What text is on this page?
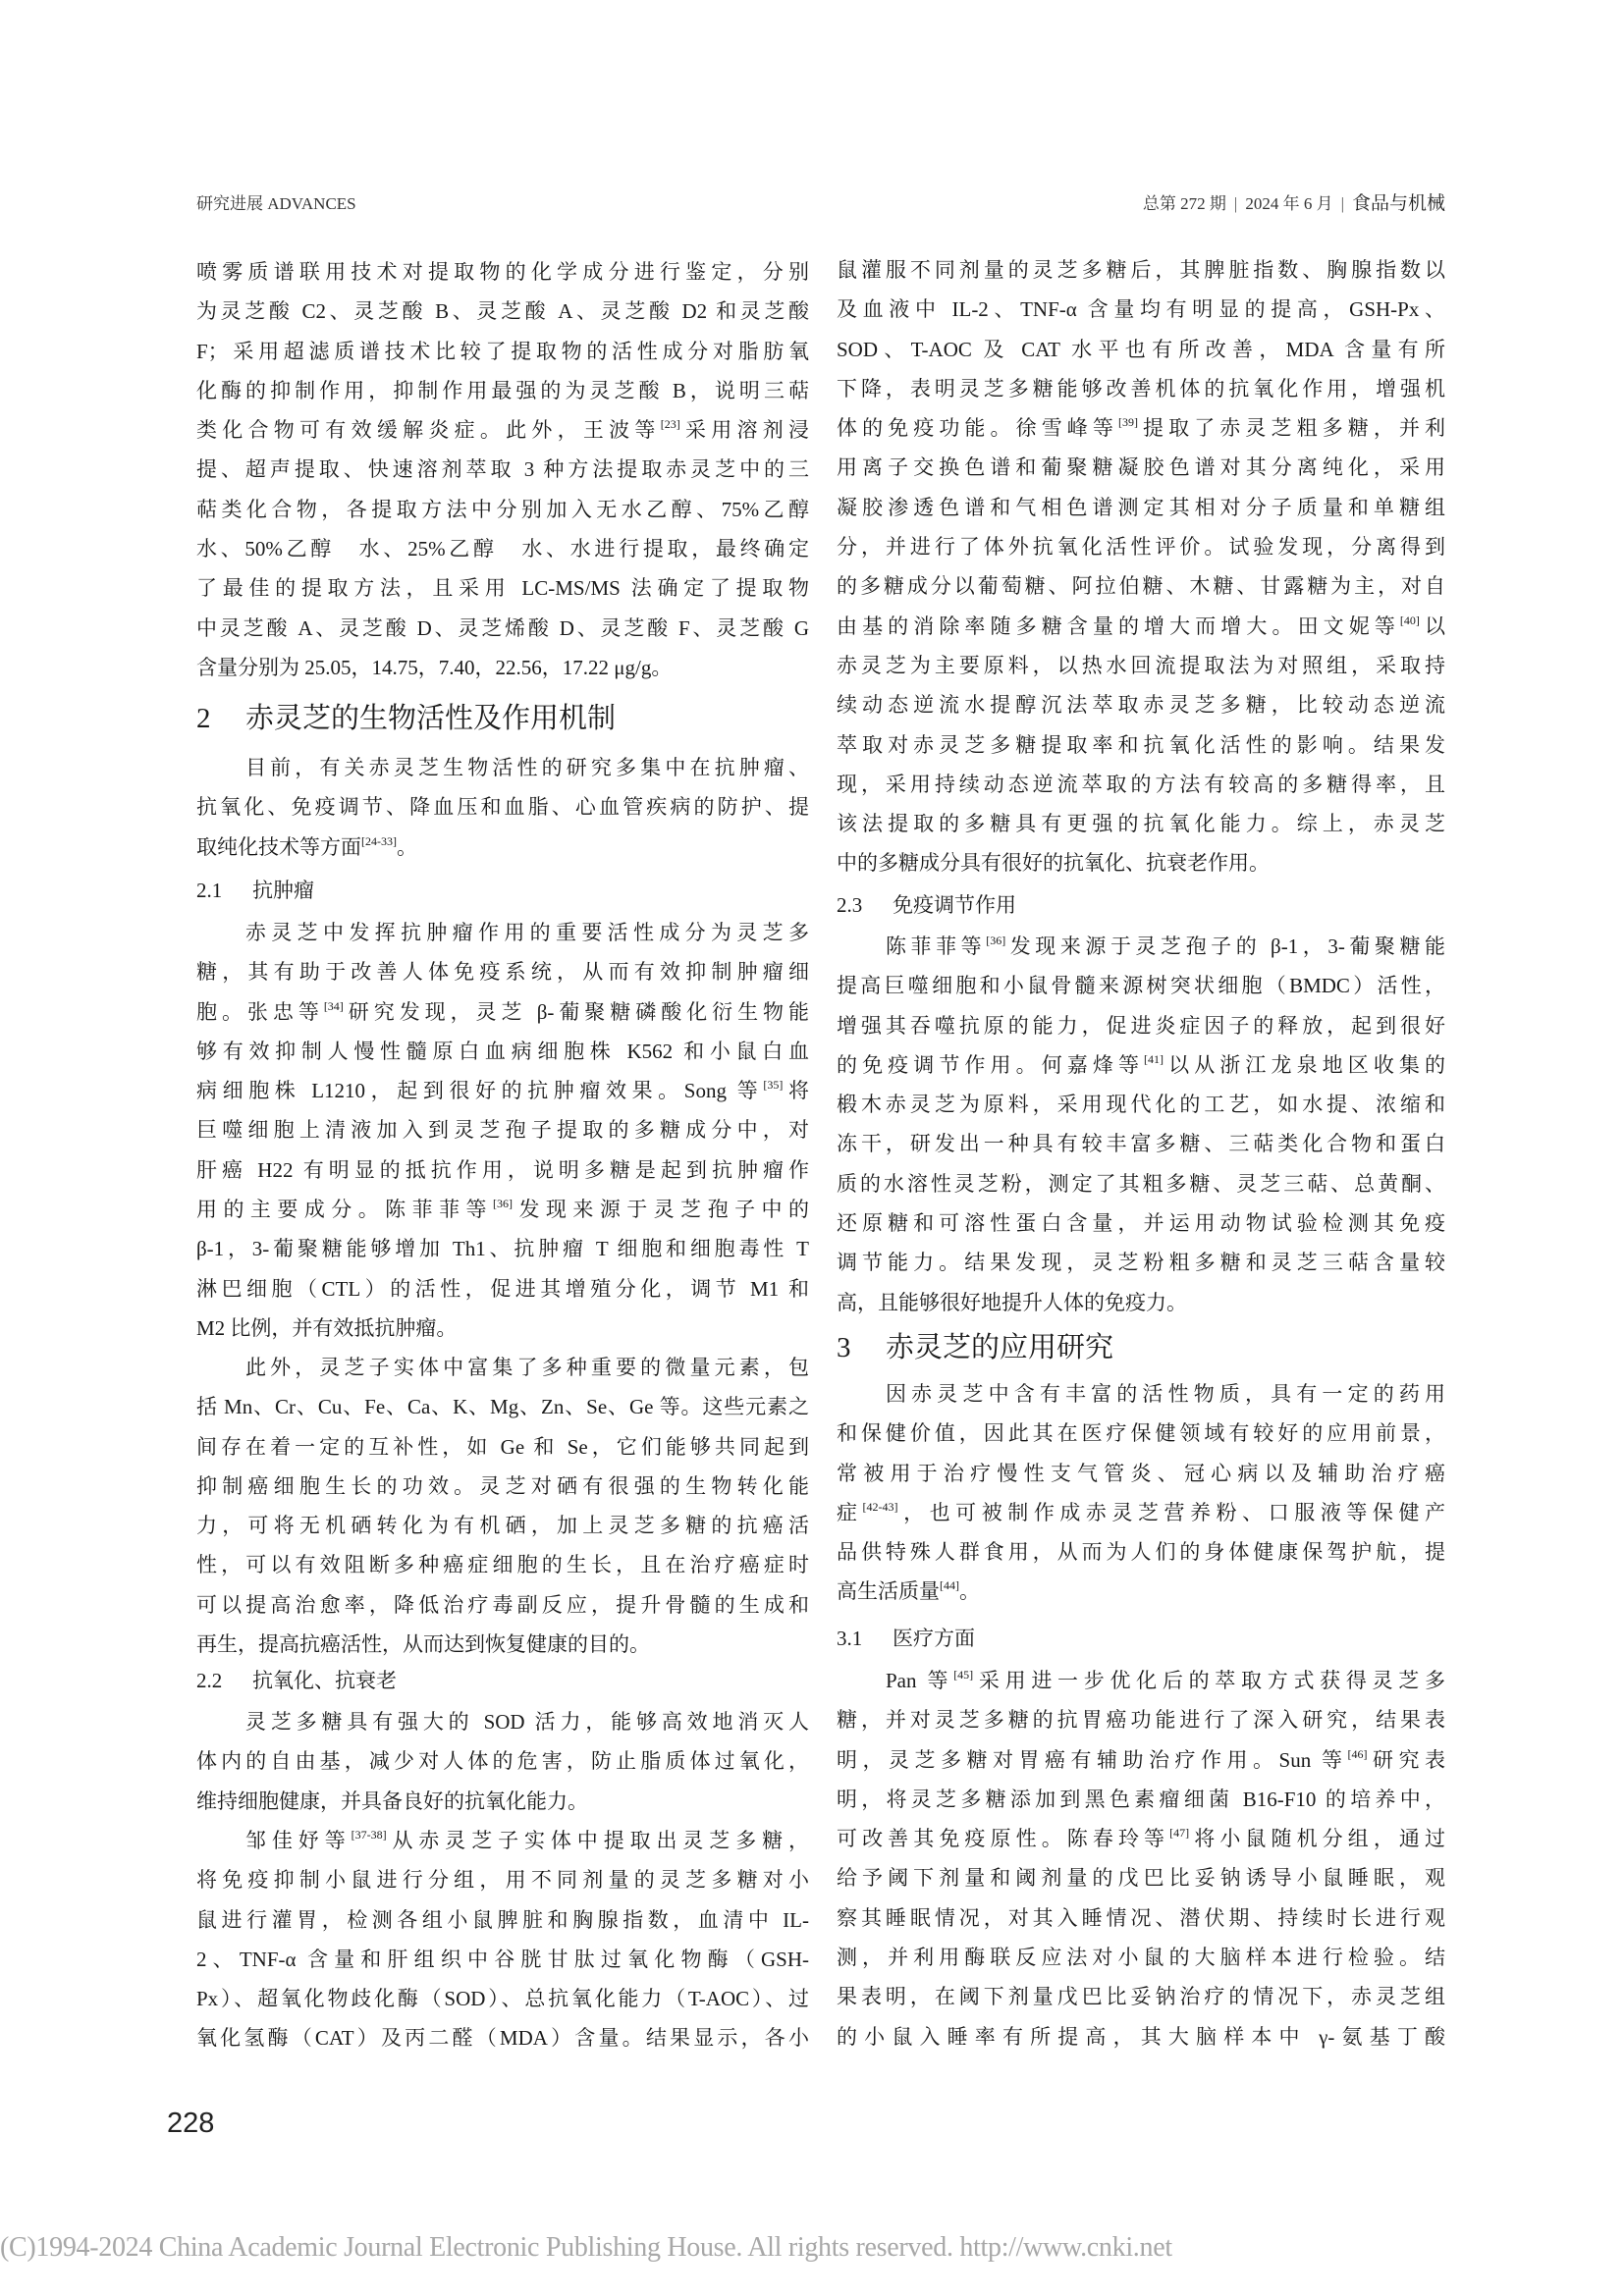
研究进展 ADVANCES	总第 272 期 | 2024 年 6 月 | 食品与机械
喷雾质谱联用技术对提取物的化学成分进行鉴定，分别
为灵芝酸 C2、灵芝酸 B、灵芝酸 A、灵芝酸 D2 和灵芝酸
F；采用超滤质谱技术比较了提取物的活性成分对脂肪氧
化酶的抑制作用，抑制作用最强的为灵芝酸 B，说明三萜
类化合物可有效缓解炎症。此外，王波等[23]采用溶剂浸
提、超声提取、快速溶剂萃取 3 种方法提取赤灵芝中的三
萜类化合物，各提取方法中分别加入无水乙醇、75%乙醇
水、50%乙醇　水、25%乙醇　水、水进行提取，最终确定
了最佳的提取方法，且采用 LC-MS/MS 法确定了提取物
中灵芝酸 A、灵芝酸 D、灵芝烯酸 D、灵芝酸 F、灵芝酸 G
含量分别为 25.05，14.75，7.40，22.56，17.22 μg/g。
2 赤灵芝的生物活性及作用机制
目前，有关赤灵芝生物活性的研究多集中在抗肿瘤、
抗氧化、免疫调节、降血压和血脂、心血管疾病的防护、提
取纯化技术等方面[24-33]。
2.1 抗肿瘤
赤灵芝中发挥抗肿瘤作用的重要活性成分为灵芝多
糖，其有助于改善人体免疫系统，从而有效抑制肿瘤细
胞。张忠等[34]研究发现，灵芝 β-葡聚糖磷酸化衍生物能
够有效抑制人慢性髓原白血病细胞株 K562 和小鼠白血
病细胞株 L1210，起到很好的抗肿瘤效果。Song 等[35]将
巨噬细胞上清液加入到灵芝孢子提取的多糖成分中，对
肝癌 H22 有明显的抵抗作用，说明多糖是起到抗肿瘤作
用的主要成分。陈菲菲等[36]发现来源于灵芝孢子中的
β-1，3-葡聚糖能够增加 Th1、抗肿瘤 T 细胞和细胞毒性 T
淋巴细胞（CTL）的活性，促进其增殖分化，调节 M1 和
M2 比例，并有效抵抗肿瘤。
此外，灵芝子实体中富集了多种重要的微量元素，包
括 Mn、Cr、Cu、Fe、Ca、K、Mg、Zn、Se、Ge 等。这些元素之
间存在着一定的互补性，如 Ge 和 Se，它们能够共同起到
抑制癌细胞生长的功效。灵芝对硒有很强的生物转化能
力，可将无机硒转化为有机硒，加上灵芝多糖的抗癌活
性，可以有效阻断多种癌症细胞的生长，且在治疗癌症时
可以提高治愈率，降低治疗毒副反应，提升骨髓的生成和
再生，提高抗癌活性，从而达到恢复健康的目的。
2.2 抗氧化、抗衰老
灵芝多糖具有强大的 SOD 活力，能够高效地消灭人
体内的自由基，减少对人体的危害，防止脂质体过氧化，
维持细胞健康，并具备良好的抗氧化能力。
邹佳妤等[37-38]从赤灵芝子实体中提取出灵芝多糖，
将免疫抑制小鼠进行分组，用不同剂量的灵芝多糖对小
鼠进行灌胃，检测各组小鼠脾脏和胸腺指数，血清中 IL-
2、TNF-α 含量和肝组织中谷胱甘肽过氧化物酶（GSH-
Px）、超氧化物歧化酶（SOD）、总抗氧化能力（T-AOC）、过
氧化氢酶（CAT）及丙二醛（MDA）含量。结果显示，各小
鼠灌服不同剂量的灵芝多糖后，其脾脏指数、胸腺指数以
及血液中 IL-2、TNF-α 含量均有明显的提高，GSH-Px、
SOD、T-AOC 及 CAT 水平也有所改善，MDA 含量有所
下降，表明灵芝多糖能够改善机体的抗氧化作用，增强机
体的免疫功能。徐雪峰等[39]提取了赤灵芝粗多糖，并利
用离子交换色谱和葡聚糖凝胶色谱对其分离纯化，采用
凝胶渗透色谱和气相色谱测定其相对分子质量和单糖组
分，并进行了体外抗氧化活性评价。试验发现，分离得到
的多糖成分以葡萄糖、阿拉伯糖、木糖、甘露糖为主，对自
由基的消除率随多糖含量的增大而增大。田文妮等[40]以
赤灵芝为主要原料，以热水回流提取法为对照组，采取持
续动态逆流水提醇沉法萃取赤灵芝多糖，比较动态逆流
萃取对赤灵芝多糖提取率和抗氧化活性的影响。结果发
现，采用持续动态逆流萃取的方法有较高的多糖得率，且
该法提取的多糖具有更强的抗氧化能力。综上，赤灵芝
中的多糖成分具有很好的抗氧化、抗衰老作用。
2.3 免疫调节作用
陈菲菲等[36]发现来源于灵芝孢子的 β-1，3-葡聚糖能
提高巨噬细胞和小鼠骨髓来源树突状细胞（BMDC）活性，
增强其吞噬抗原的能力，促进炎症因子的释放，起到很好
的免疫调节作用。何嘉烽等[41]以从浙江龙泉地区收集的
椴木赤灵芝为原料，采用现代化的工艺，如水提、浓缩和
冻干，研发出一种具有较丰富多糖、三萜类化合物和蛋白
质的水溶性灵芝粉，测定了其粗多糖、灵芝三萜、总黄酮、
还原糖和可溶性蛋白含量，并运用动物试验检测其免疫
调节能力。结果发现，灵芝粉粗多糖和灵芝三萜含量较
高，且能够很好地提升人体的免疫力。
3 赤灵芝的应用研究
因赤灵芝中含有丰富的活性物质，具有一定的药用
和保健价值，因此其在医疗保健领域有较好的应用前景，
常被用于治疗慢性支气管炎、冠心病以及辅助治疗癌
症[42-43]，也可被制作成赤灵芝营养粉、口服液等保健产
品供特殊人群食用，从而为人们的身体健康保驾护航，提
高生活质量[44]。
3.1 医疗方面
Pan 等[45]采用进一步优化后的萃取方式获得灵芝多
糖，并对灵芝多糖的抗胃癌功能进行了深入研究，结果表
明，灵芝多糖对胃癌有辅助治疗作用。Sun 等[46]研究表
明，将灵芝多糖添加到黑色素瘤细菌 B16-F10 的培养中，
可改善其免疫原性。陈春玲等[47]将小鼠随机分组，通过
给予阈下剂量和阈剂量的戊巴比妥钠诱导小鼠睡眠，观
察其睡眠情况，对其入睡情况、潜伏期、持续时长进行观
测，并利用酶联反应法对小鼠的大脑样本进行检验。结
果表明，在阈下剂量戊巴比妥钠治疗的情况下，赤灵芝组
的小鼠入睡率有所提高，其大脑样本中 γ-氨基丁酸
228
(C)1994-2024 China Academic Journal Electronic Publishing House. All rights reserved. http://www.cnki.net
